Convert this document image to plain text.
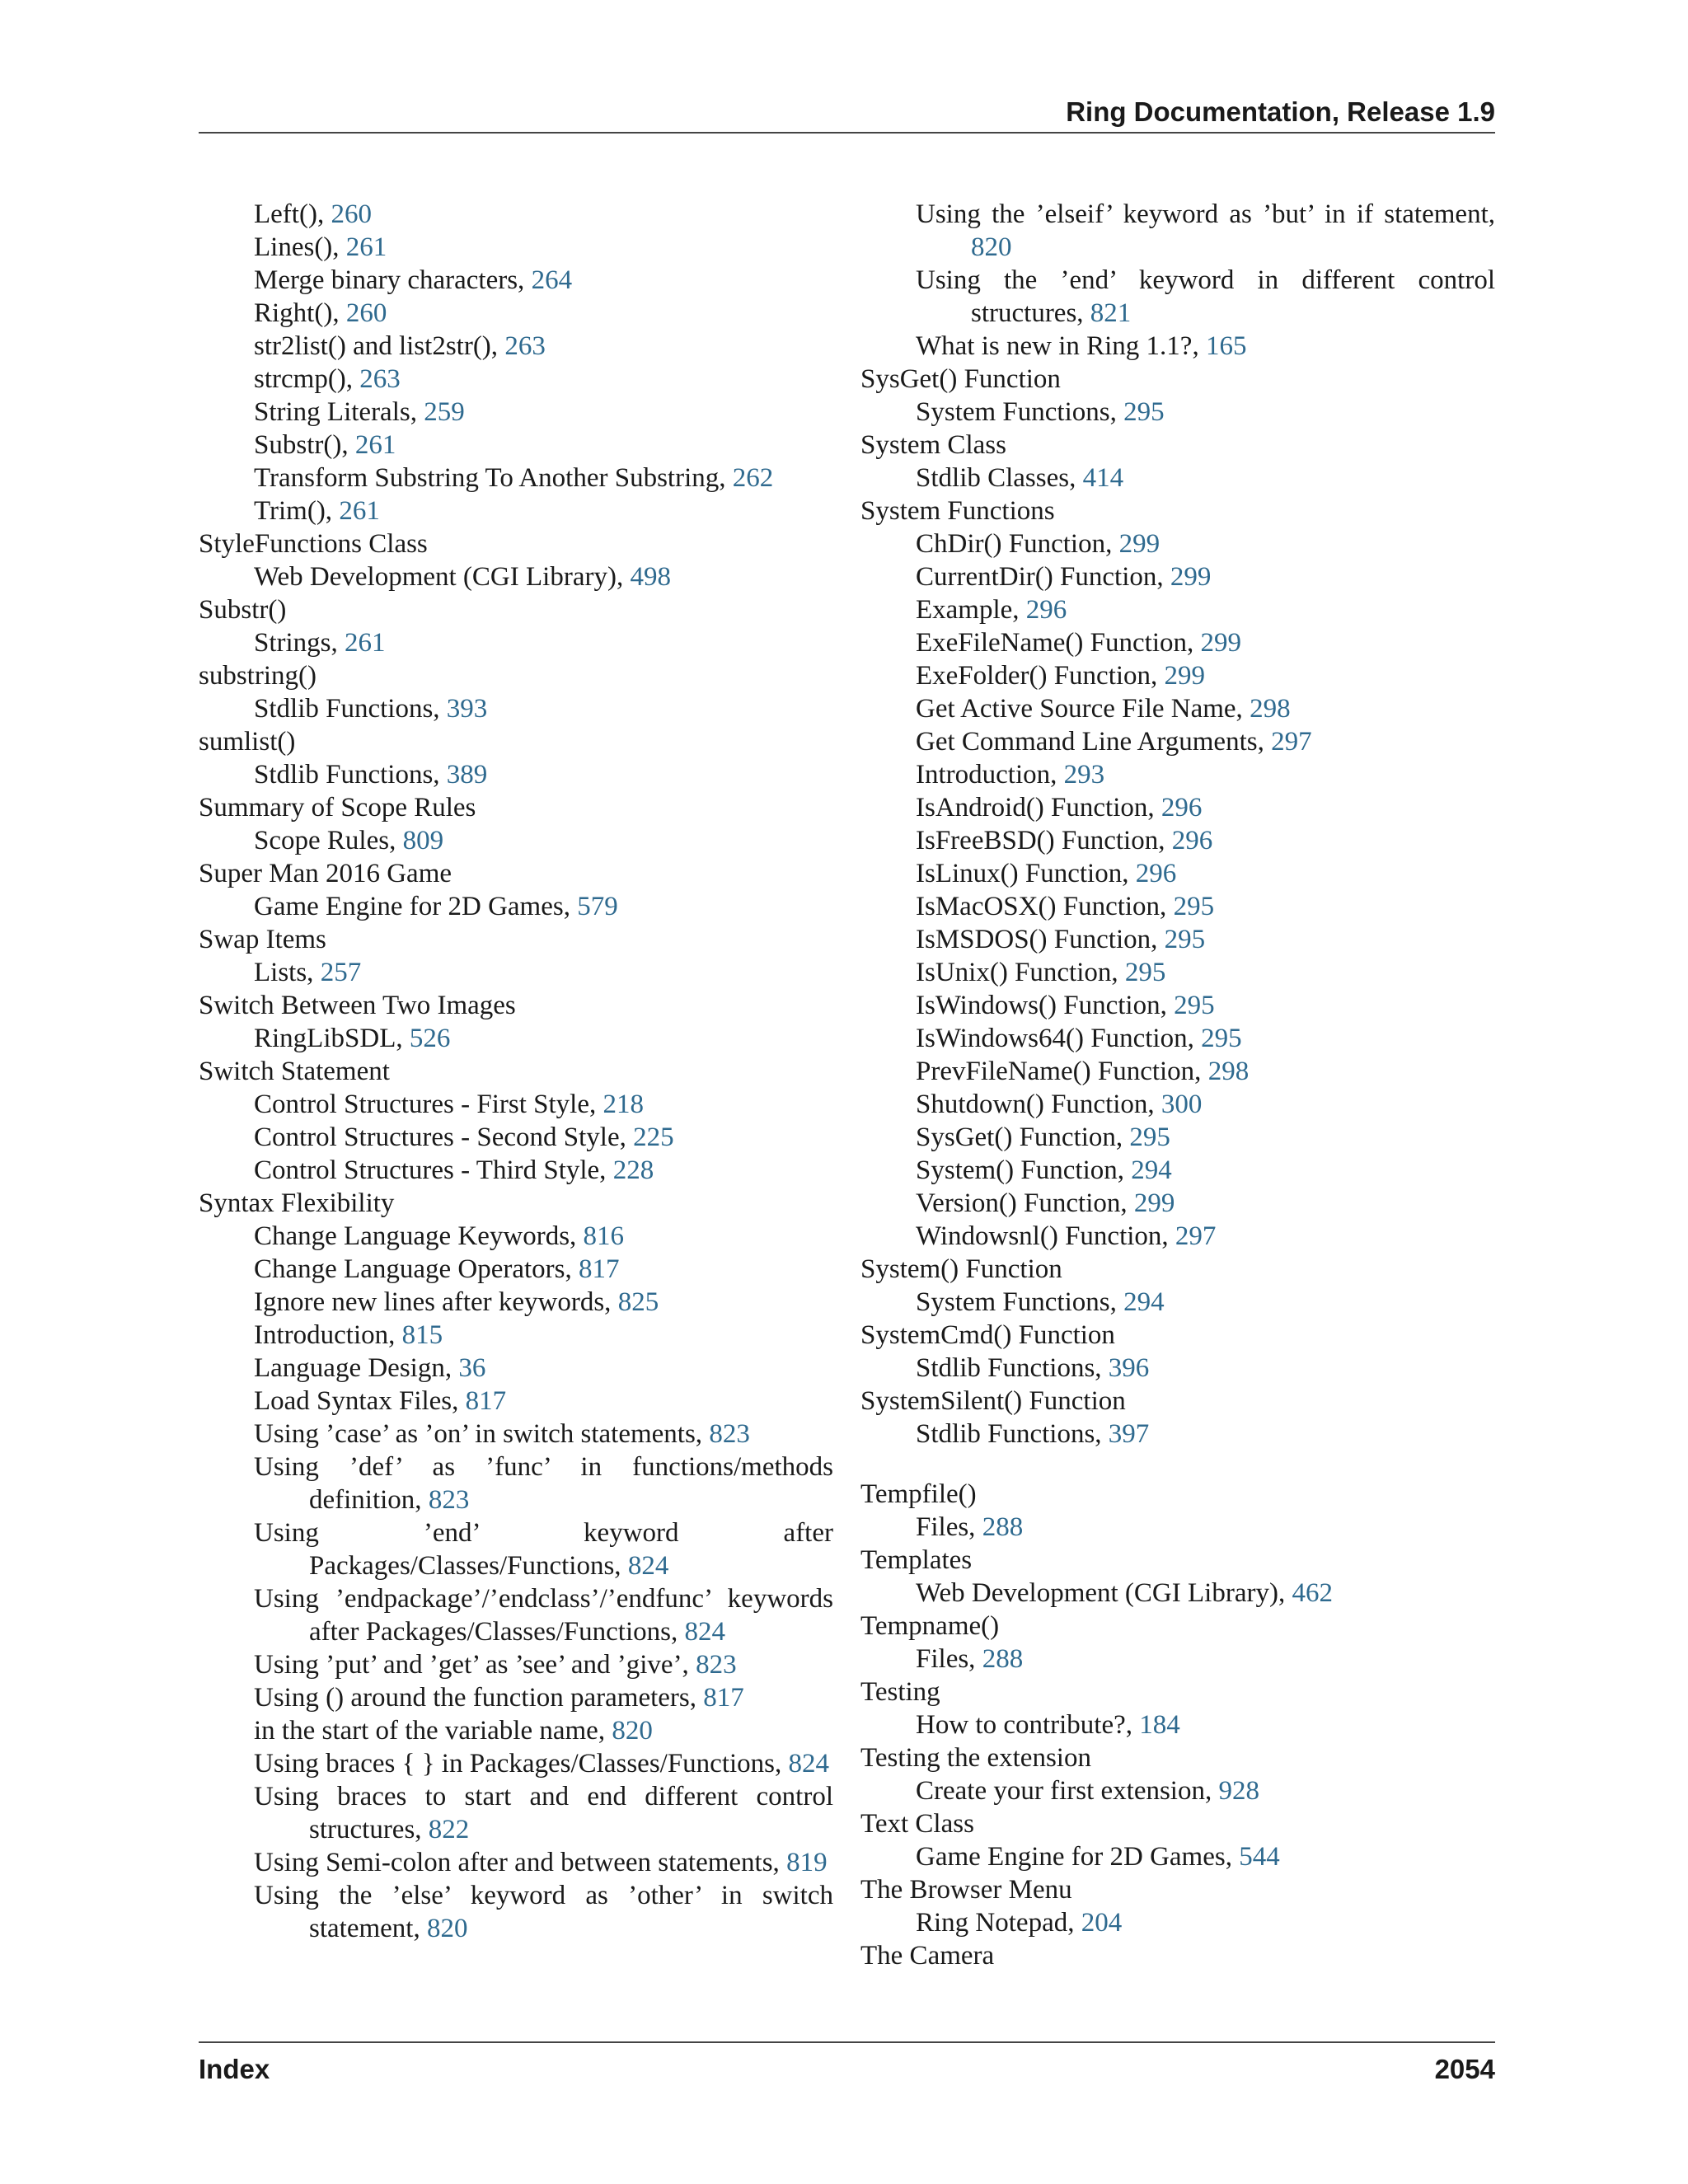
Ring Documentation, Release 1.9

Left(), 260

Lines(), 261

Merge binary characters, 264

Right(), 260

str2list() and list2str(), 263

strcmp(), 263

String Literals, 259

Substr(), 261

Transform Substring To Another Substring, 262

Trim(), 261

StyleFunctions Class

Web Development (CGI Library), 498

Substr()

Strings, 261

substring()

Stdlib Functions, 393

sumlist()

Stdlib Functions, 389

Summary of Scope Rules

Scope Rules, 809

Super Man 2016 Game

Game Engine for 2D Games, 579

Swap Items

Lists, 257

Switch Between Two Images

RingLibSDL, 526

Switch Statement

Control Structures - First Style, 218

Control Structures - Second Style, 225

Control Structures - Third Style, 228

Syntax Flexibility

Change Language Keywords, 816

Change Language Operators, 817

Ignore new lines after keywords, 825

Introduction, 815

Language Design, 36

Load Syntax Files, 817

Using ’case’ as ’on’ in switch statements, 823

Using ’def’ as ’func’ in functions/methods definition, 823

Using ’end’ keyword after Packages/Classes/Functions, 824

Using ’endpackage’/’endclass’/’endfunc’ keywords after Packages/Classes/Functions, 824

Using ’put’ and ’get’ as ’see’ and ’give’, 823

Using () around the function parameters, 817

in the start of the variable name, 820

Using braces { } in Packages/Classes/Functions, 824

Using braces to start and end different control structures, 822

Using Semi-colon after and between statements, 819

Using the ’else’ keyword as ’other’ in switch statement, 820

Using the ’elseif’ keyword as ’but’ in if statement, 820

Using the ’end’ keyword in different control structures, 821

What is new in Ring 1.1?, 165

SysGet() Function

System Functions, 295

System Class

Stdlib Classes, 414

System Functions

ChDir() Function, 299

CurrentDir() Function, 299

Example, 296

ExeFileName() Function, 299

ExeFolder() Function, 299

Get Active Source File Name, 298

Get Command Line Arguments, 297

Introduction, 293

IsAndroid() Function, 296

IsFreeBSD() Function, 296

IsLinux() Function, 296

IsMacOSX() Function, 295

IsMSDOS() Function, 295

IsUnix() Function, 295

IsWindows() Function, 295

IsWindows64() Function, 295

PrevFileName() Function, 298

Shutdown() Function, 300

SysGet() Function, 295

System() Function, 294

Version() Function, 299

Windowsnl() Function, 297

System() Function

System Functions, 294

SystemCmd() Function

Stdlib Functions, 396

SystemSilent() Function

Stdlib Functions, 397

Tempfile()

Files, 288

Templates

Web Development (CGI Library), 462

Tempname()

Files, 288

Testing

How to contribute?, 184

Testing the extension

Create your first extension, 928

Text Class

Game Engine for 2D Games, 544

The Browser Menu

Ring Notepad, 204

The Camera

Index	2054
